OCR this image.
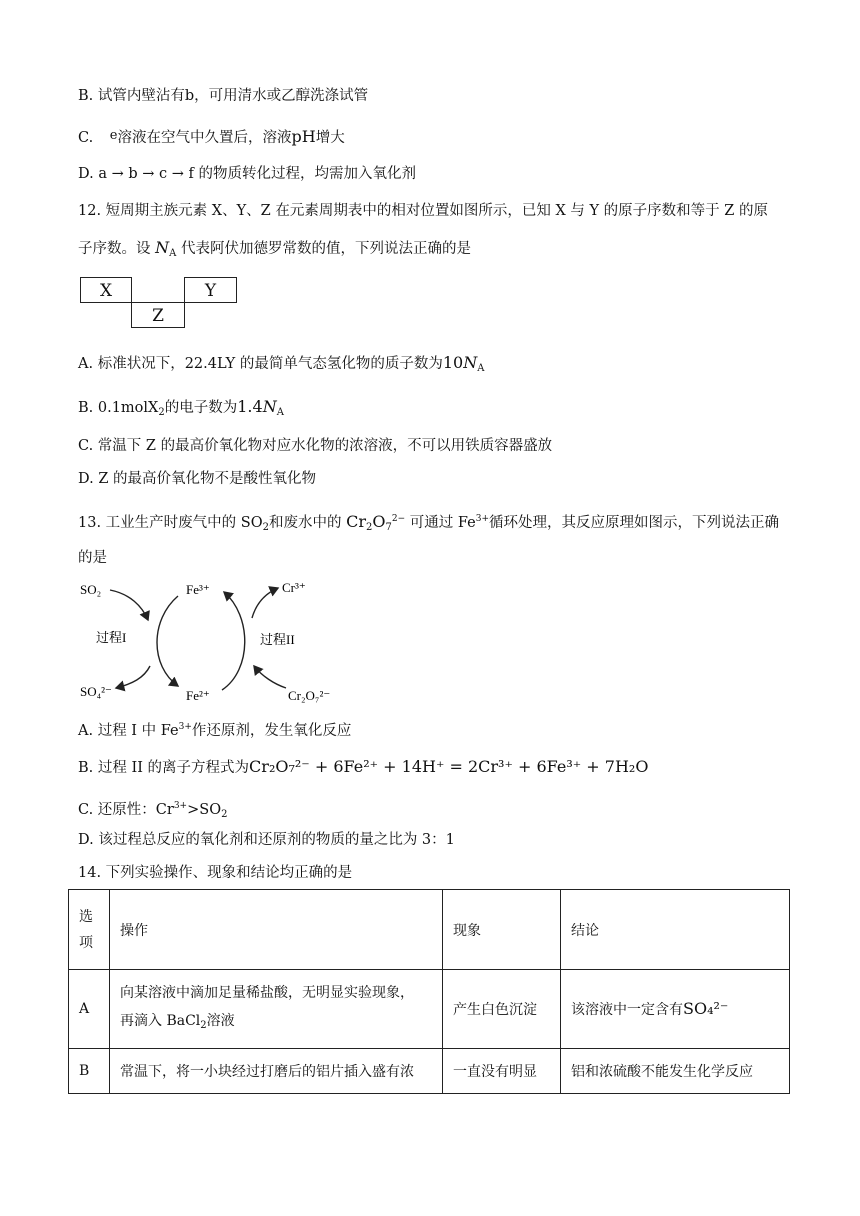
B. 试管内壁沾有b，可用清水或乙醇洗涤试管
C. e溶液在空气中久置后，溶液pH增大
D. a → b → c → f 的物质转化过程，均需加入氧化剂
12. 短周期主族元素 X、Y、Z 在元素周期表中的相对位置如图所示，已知 X 与 Y 的原子序数和等于 Z 的原
子序数。设 $N_A$ 代表阿伏加德罗常数的值，下列说法正确的是
X	Y
Z
A. 标准状况下，22.4LY 的最简单气态氢化物的质子数为$10N_A$
B. 0.1molX$_2$的电子数为$1.4N_A$
C. 常温下 Z 的最高价氧化物对应水化物的浓溶液，不可以用铁质容器盛放
D. Z 的最高价氧化物不是酸性氧化物
13. 工业生产时废气中的 $SO_2$和废水中的 $Cr_2O_7^{2-}$ 可通过 $Fe^{3+}$循环处理，其反应原理如图示，下列说法正确
的是
SO₂	Fe³⁺	Cr³⁺
过程I	过程II
SO₄²⁻	Fe²⁺	Cr₂O₇²⁻
A. 过程 I 中 $Fe^{3+}$作还原剂，发生氧化反应
B. 过程 II 的离子方程式为Cr₂O₇²⁻ + 6Fe²⁺ + 14H⁺ = 2Cr³⁺ + 6Fe³⁺ + 7H₂O
C. 还原性：$Cr^{3+}>SO_2$
D. 该过程总反应的氧化剂和还原剂的物质的量之比为 3：1
14. 下列实验操作、现象和结论均正确的是
选
项	操作	现象	结论
A	向某溶液中滴加足量稀盐酸，无明显实验现象，
再滴入 BaCl$_2$溶液	产生白色沉淀	该溶液中一定含有SO₄²⁻
B	常温下，将一小块经过打磨后的铝片插入盛有浓	一直没有明显	铝和浓硫酸不能发生化学反应
